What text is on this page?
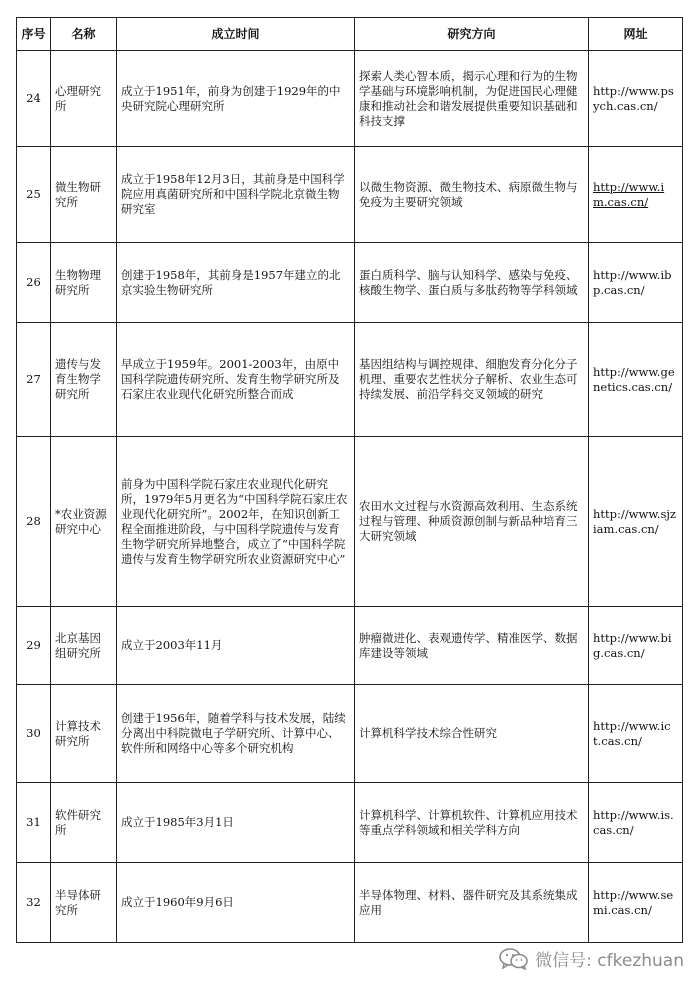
序号	名称	成立时间	研究方向	网址
24	心理研究所	成立于1951年，前身为创建于1929年的中央研究院心理研究所	探索人类心智本质，揭示心理和行为的生物学基础与环境影响机制，为促进国民心理健康和推动社会和谐发展提供重要知识基础和科技支撑	http://www.psych.cas.cn/
25	微生物研究所	成立于1958年12月3日，其前身是中国科学院应用真菌研究所和中国科学院北京微生物研究室	以微生物资源、微生物技术、病原微生物与免疫为主要研究领域	http://www.im.cas.cn/
26	生物物理研究所	创建于1958年，其前身是1957年建立的北京实验生物研究所	蛋白质科学、脑与认知科学、感染与免疫、核酸生物学、蛋白质与多肽药物等学科领域	http://www.ibp.cas.cn/
27	遗传与发育生物学研究所	早成立于1959年。2001-2003年，由原中国科学院遗传研究所、发育生物学研究所及石家庄农业现代化研究所整合而成	基因组结构与调控规律、细胞发育分化分子机理、重要农艺性状分子解析、农业生态可持续发展、前沿学科交叉领域的研究	http://www.genetics.cas.cn/
28	*农业资源研究中心	前身为中国科学院石家庄农业现代化研究所，1979年5月更名为“中国科学院石家庄农业现代化研究所”。2002年，在知识创新工程全面推进阶段，与中国科学院遗传与发育生物学研究所异地整合，成立了“中国科学院遗传与发育生物学研究所农业资源研究中心”	农田水文过程与水资源高效利用、生态系统过程与管理、种质资源创制与新品种培育三大研究领域	http://www.sjziam.cas.cn/
29	北京基因组研究所	成立于2003年11月	肿瘤微进化、表观遗传学、精准医学、数据库建设等领域	http://www.big.cas.cn/
30	计算技术研究所	创建于1956年，随着学科与技术发展，陆续分离出中科院微电子学研究所、计算中心、软件所和网络中心等多个研究机构	计算机科学技术综合性研究	http://www.ict.cas.cn/
31	软件研究所	成立于1985年3月1日	计算机科学、计算机软件、计算机应用技术等重点学科领域和相关学科方向	http://www.is.cas.cn/
32	半导体研究所	成立于1960年9月6日	半导体物理、材料、器件研究及其系统集成应用	http://www.semi.cas.cn/
微信号: cfkezhuan
